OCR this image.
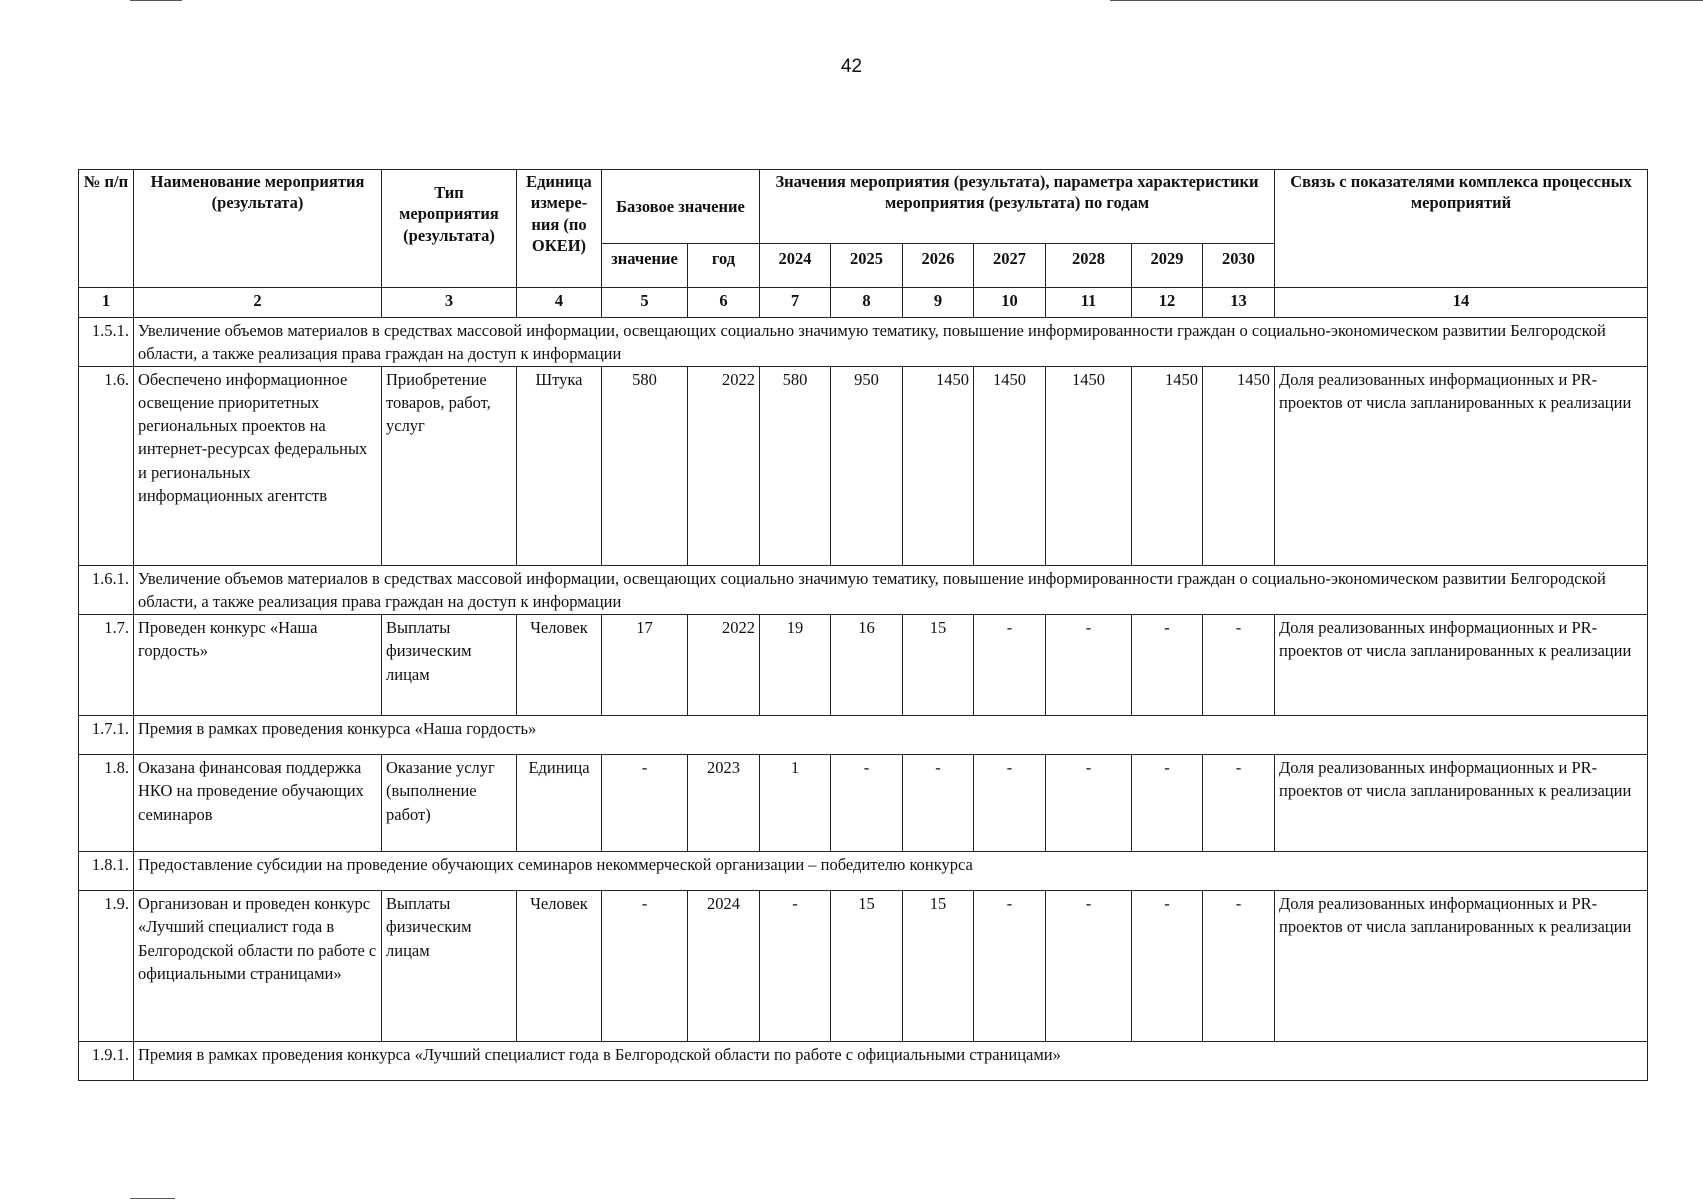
42
№ п/п	Наименование мероприятия (результата)	Тип мероприятия (результата)	Единица измере-ния (по ОКЕИ)	Базовое значение		Значения мероприятия (результата), параметра характеристики мероприятия (результата) по годам							Связь с показателями комплекса процессных мероприятий
				значение	год	2024	2025	2026	2027	2028	2029	2030	
1	2	3	4	5	6	7	8	9	10	11	12	13	14
1.5.1.	Увеличение объемов материалов в средствах массовой информации, освещающих социально значимую тематику, повышение информированности граждан о социально-экономическом развитии Белгородской области, а также реализация права граждан на доступ к информации												
1.6.	Обеспечено информационное освещение приоритетных региональных проектов на интернет-ресурсах федеральных и региональных информационных агентств	Приобретение товаров, работ, услуг	Штука	580	2022	580	950	1450	1450	1450	1450	1450	Доля реализованных информационных и PR-проектов от числа запланированных к реализации
1.6.1.	Увеличение объемов материалов в средствах массовой информации, освещающих социально значимую тематику, повышение информированности граждан о социально-экономическом развитии Белгородской области, а также реализация права граждан на доступ к информации												
1.7.	Проведен конкурс «Наша гордость»	Выплаты физическим лицам	Человек	17	2022	19	16	15	-	-	-	-	Доля реализованных информационных и PR-проектов от числа запланированных к реализации
1.7.1.	Премия в рамках проведения конкурса «Наша гордость»												
1.8.	Оказана финансовая поддержка НКО на проведение обучающих семинаров	Оказание услуг (выполнение работ)	Единица	-	2023	1	-	-	-	-	-	-	Доля реализованных информационных и PR-проектов от числа запланированных к реализации
1.8.1.	Предоставление субсидии на проведение обучающих семинаров некоммерческой организации – победителю конкурса												
1.9.	Организован и проведен конкурс «Лучший специалист года в Белгородской области по работе с официальными страницами»	Выплаты физическим лицам	Человек	-	2024	-	15	15	-	-	-	-	Доля реализованных информационных и PR-проектов от числа запланированных к реализации
1.9.1.	Премия в рамках проведения конкурса «Лучший специалист года в Белгородской области по работе с официальными страницами»												
